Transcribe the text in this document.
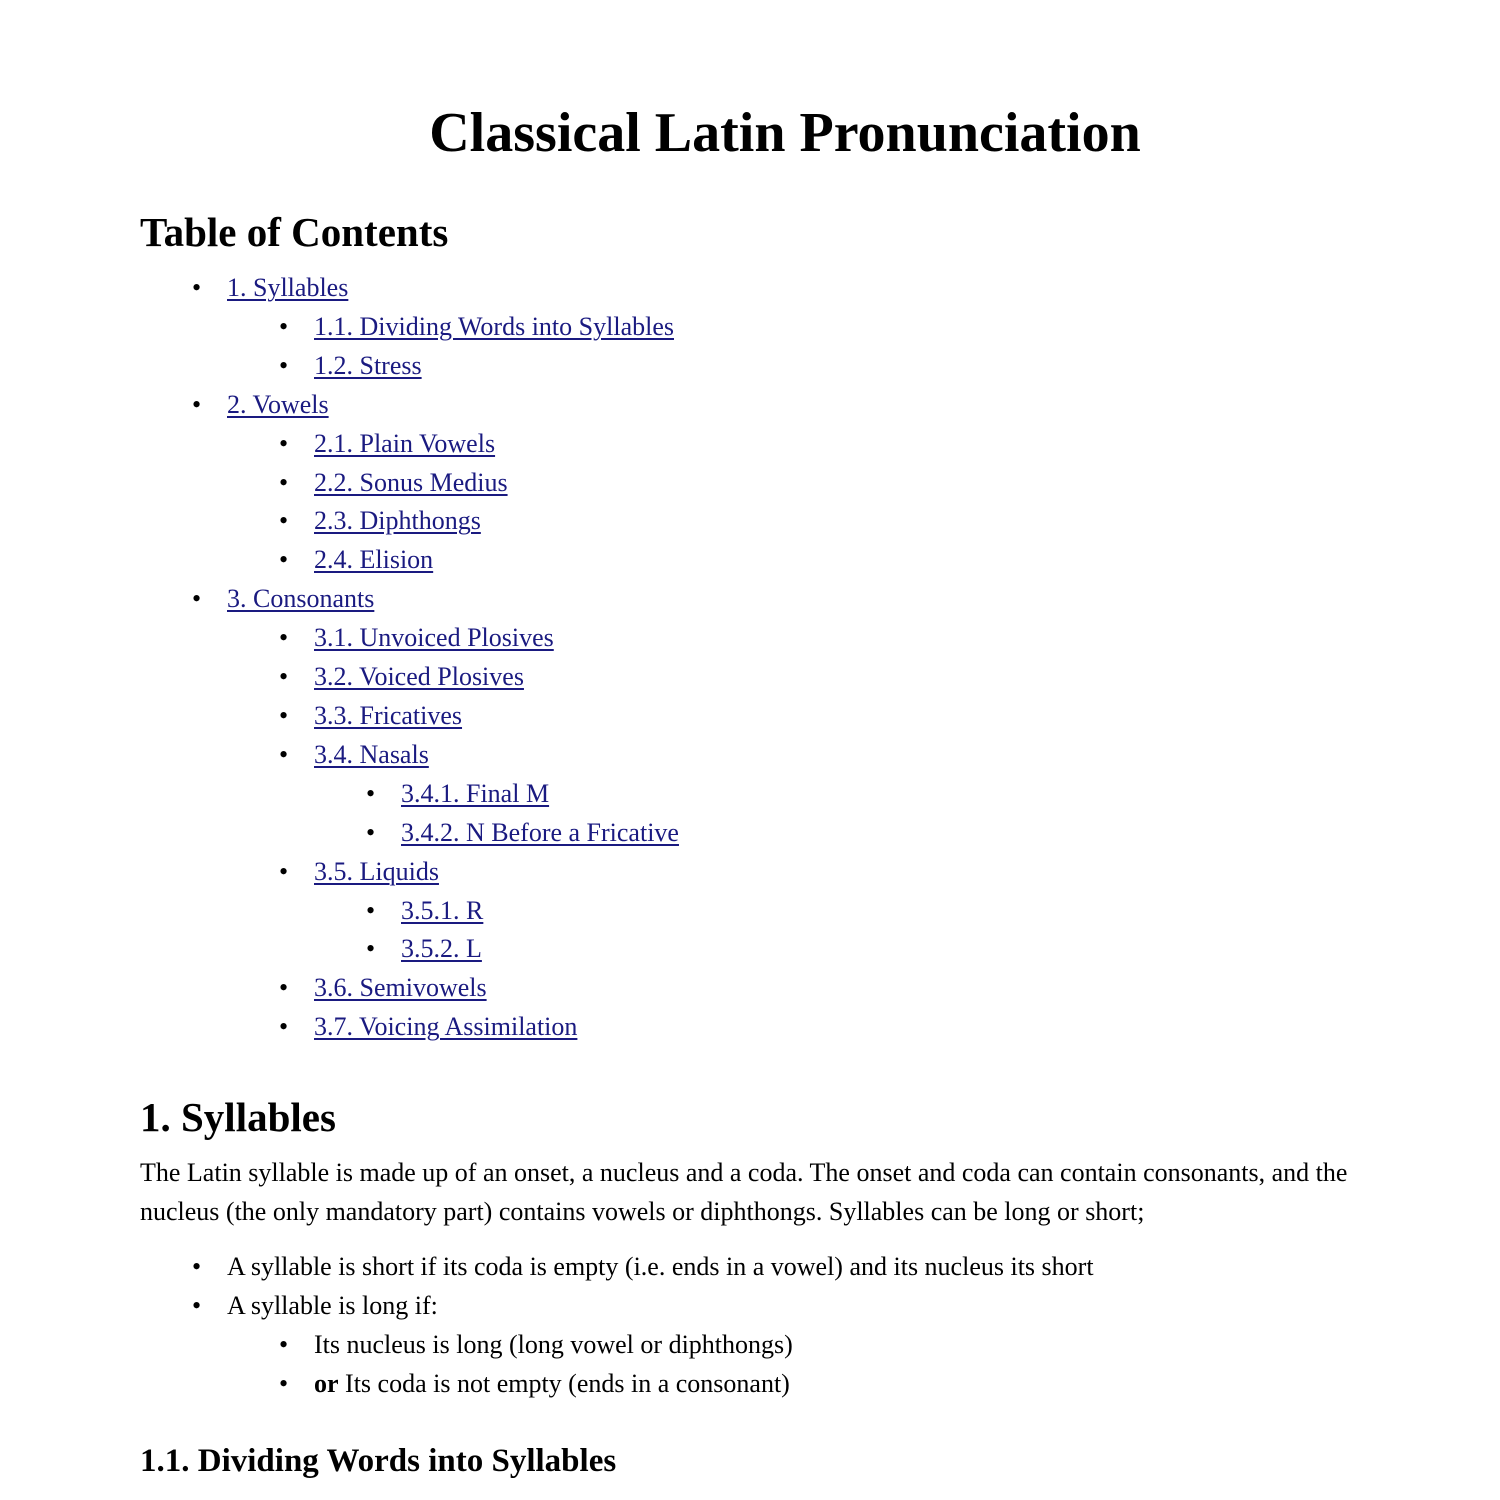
Classical Latin Pronunciation
Table of Contents
• 1. Syllables
• 1.1. Dividing Words into Syllables
• 1.2. Stress
• 2. Vowels
• 2.1. Plain Vowels
• 2.2. Sonus Medius
• 2.3. Diphthongs
• 2.4. Elision
• 3. Consonants
• 3.1. Unvoiced Plosives
• 3.2. Voiced Plosives
• 3.3. Fricatives
• 3.4. Nasals
• 3.4.1. Final M
• 3.4.2. N Before a Fricative
• 3.5. Liquids
• 3.5.1. R
• 3.5.2. L
• 3.6. Semivowels
• 3.7. Voicing Assimilation
1. Syllables

The Latin syllable is made up of an onset, a nucleus and a coda. The onset and coda can contain consonants, and the nucleus (the only mandatory part) contains vowels or diphthongs. Syllables can be long or short;

• A syllable is short if its coda is empty (i.e. ends in a vowel) and its nucleus its short
• A syllable is long if:
• Its nucleus is long (long vowel or diphthongs)
• or Its coda is not empty (ends in a consonant)
1.1. Dividing Words into Syllables
